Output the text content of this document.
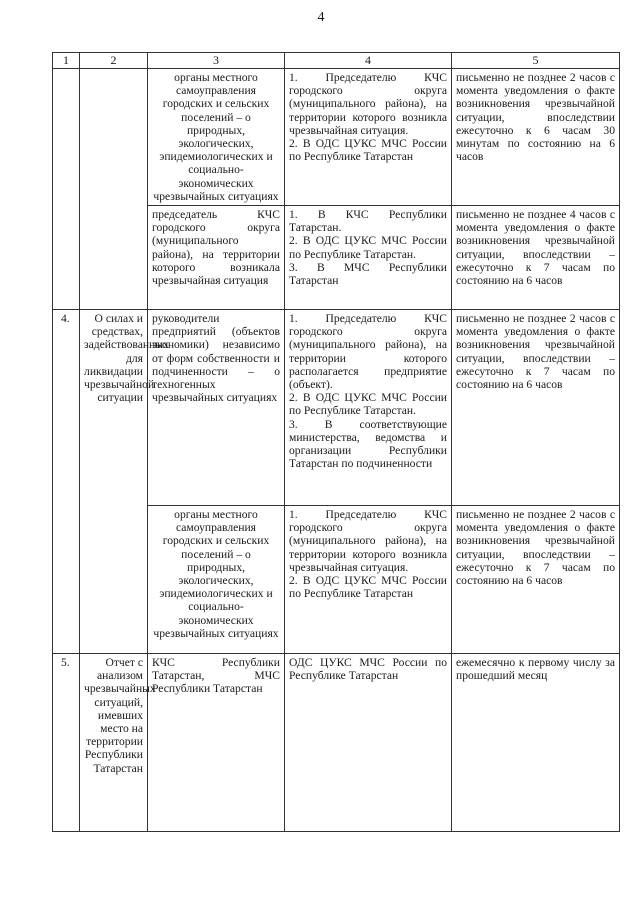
4
1	2	3	4	5
		органы местного самоуправления городских и сельских поселений – о природных, экологических, эпидемиологических и социально-экономических чрезвычайных ситуациях	1. Председателю КЧС городского округа (муниципального района), на территории которого возникла чрезвычайная ситуация.
2. В ОДС ЦУКС МЧС России по Республике Татарстан	письменно не позднее 2 часов с момента уведомления о факте возникновения чрезвычайной ситуации, впоследствии ежесуточно к 6 часам 30 минутам по состоянию на 6 часов
		председатель КЧС городского округа (муниципального района), на территории которого возникала чрезвычайная ситуация	1. В КЧС Республики Татарстан.
2. В ОДС ЦУКС МЧС России по Республике Татарстан.
3. В МЧС Республики Татарстан	письменно не позднее 4 часов с момента уведомления о факте возникновения чрезвычайной ситуации, впоследствии – ежесуточно к 7 часам по состоянию на 6 часов
4.	О силах и средствах, задействованных для ликвидации чрезвычайной ситуации	руководители предприятий (объектов экономики) независимо от форм собственности и подчиненности – о техногенных чрезвычайных ситуациях	1. Председателю КЧС городского округа (муниципального района), на территории которого располагается предприятие (объект).
2. В ОДС ЦУКС МЧС России по Республике Татарстан.
3. В соответствующие министерства, ведомства и организации Республики Татарстан по подчиненности	письменно не позднее 2 часов с момента уведомления о факте возникновения чрезвычайной ситуации, впоследствии – ежесуточно к 7 часам по состоянию на 6 часов
		органы местного самоуправления городских и сельских поселений – о природных, экологических, эпидемиологических и социально-экономических чрезвычайных ситуациях	1. Председателю КЧС городского округа (муниципального района), на территории которого возникла чрезвычайная ситуация.
2. В ОДС ЦУКС МЧС России по Республике Татарстан	письменно не позднее 2 часов с момента уведомления о факте возникновения чрезвычайной ситуации, впоследствии – ежесуточно к 7 часам по состоянию на 6 часов
5.	Отчет с анализом чрезвычайных ситуаций, имевших место на территории Республики Татарстан	КЧС Республики Татарстан, МЧС Республики Татарстан	ОДС ЦУКС МЧС России по Республике Татарстан	ежемесячно к первому числу за прошедший месяц
